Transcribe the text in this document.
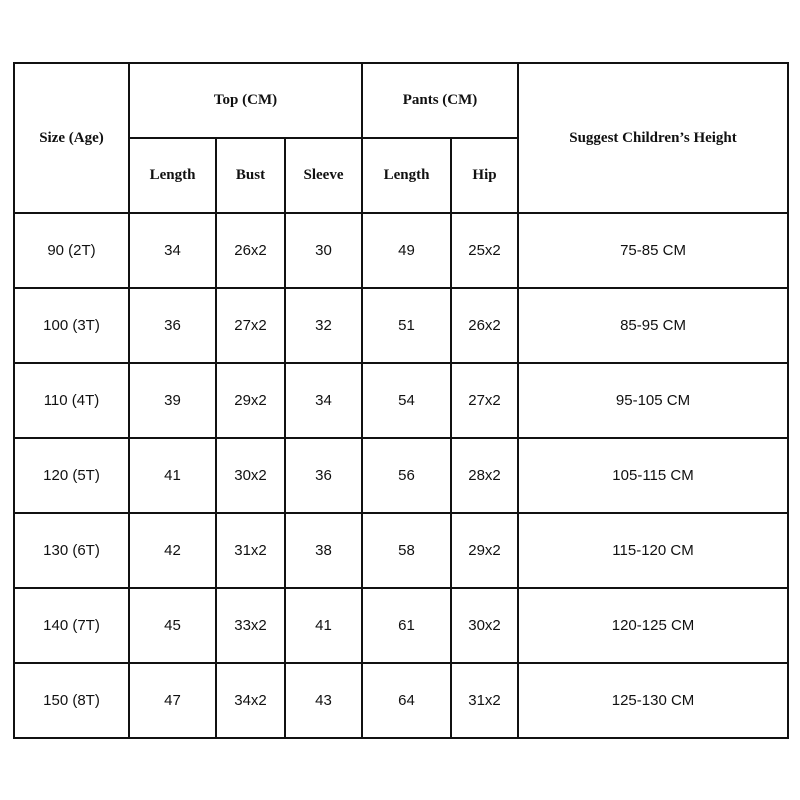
Size (Age)	Top (CM)			Pants (CM)		Suggest Children’s Height
	Length	Bust	Sleeve	Length	Hip	
90 (2T)	34	26x2	30	49	25x2	75-85 CM
100 (3T)	36	27x2	32	51	26x2	85-95 CM
110 (4T)	39	29x2	34	54	27x2	95-105 CM
120 (5T)	41	30x2	36	56	28x2	105-115 CM
130 (6T)	42	31x2	38	58	29x2	115-120 CM
140 (7T)	45	33x2	41	61	30x2	120-125 CM
150 (8T)	47	34x2	43	64	31x2	125-130 CM
